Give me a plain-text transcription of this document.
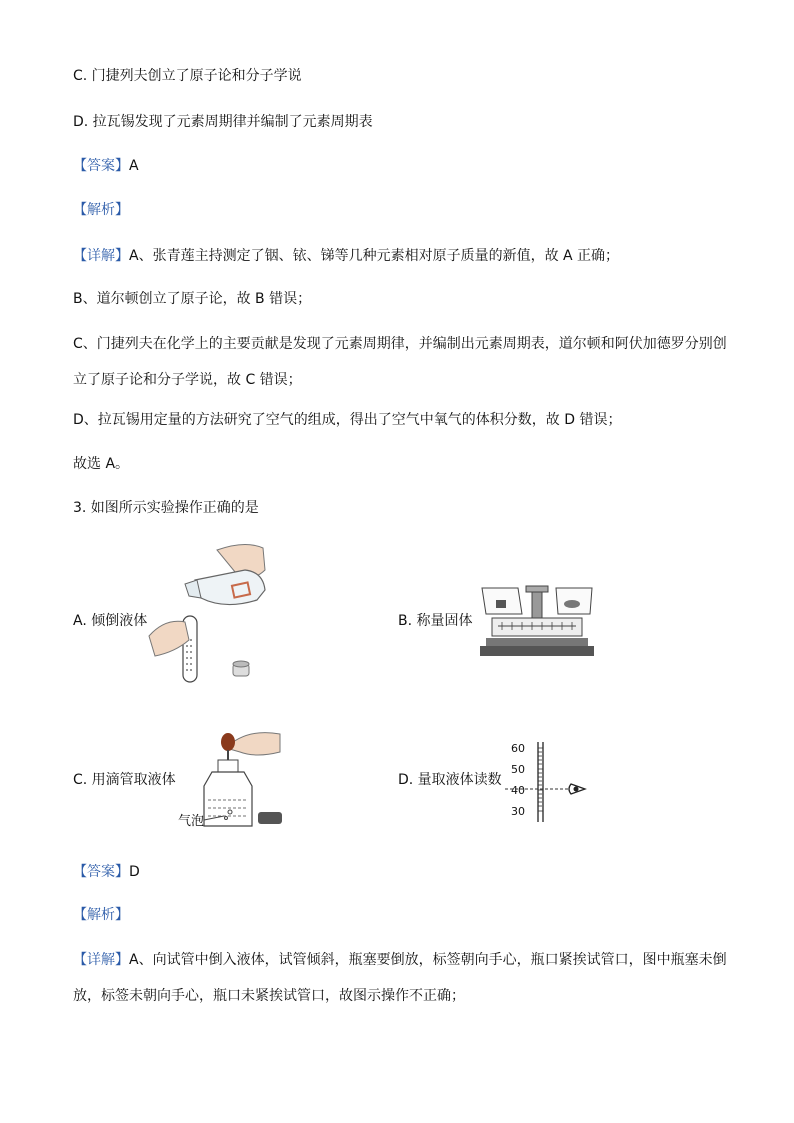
C. 门捷列夫创立了原子论和分子学说
D. 拉瓦锡发现了元素周期律并编制了元素周期表
【答案】A
【解析】
【详解】A、张青莲主持测定了铟、铱、锑等几种元素相对原子质量的新值，故 A 正确；
B、道尔顿创立了原子论，故 B 错误；
C、门捷列夫在化学上的主要贡献是发现了元素周期律，并编制出元素周期表，道尔顿和阿伏加德罗分别创立了原子论和分子学说，故 C 错误；
D、拉瓦锡用定量的方法研究了空气的组成，得出了空气中氧气的体积分数，故 D 错误；
故选 A。
3. 如图所示实验操作正确的是
A. 倾倒液体	B. 称量固体
C. 用滴管取液体
气泡
D. 量取液体读数
60
50
40
30
【答案】D
【解析】
【详解】A、向试管中倒入液体，试管倾斜，瓶塞要倒放，标签朝向手心，瓶口紧挨试管口，图中瓶塞未倒放，标签未朝向手心，瓶口未紧挨试管口，故图示操作不正确；
